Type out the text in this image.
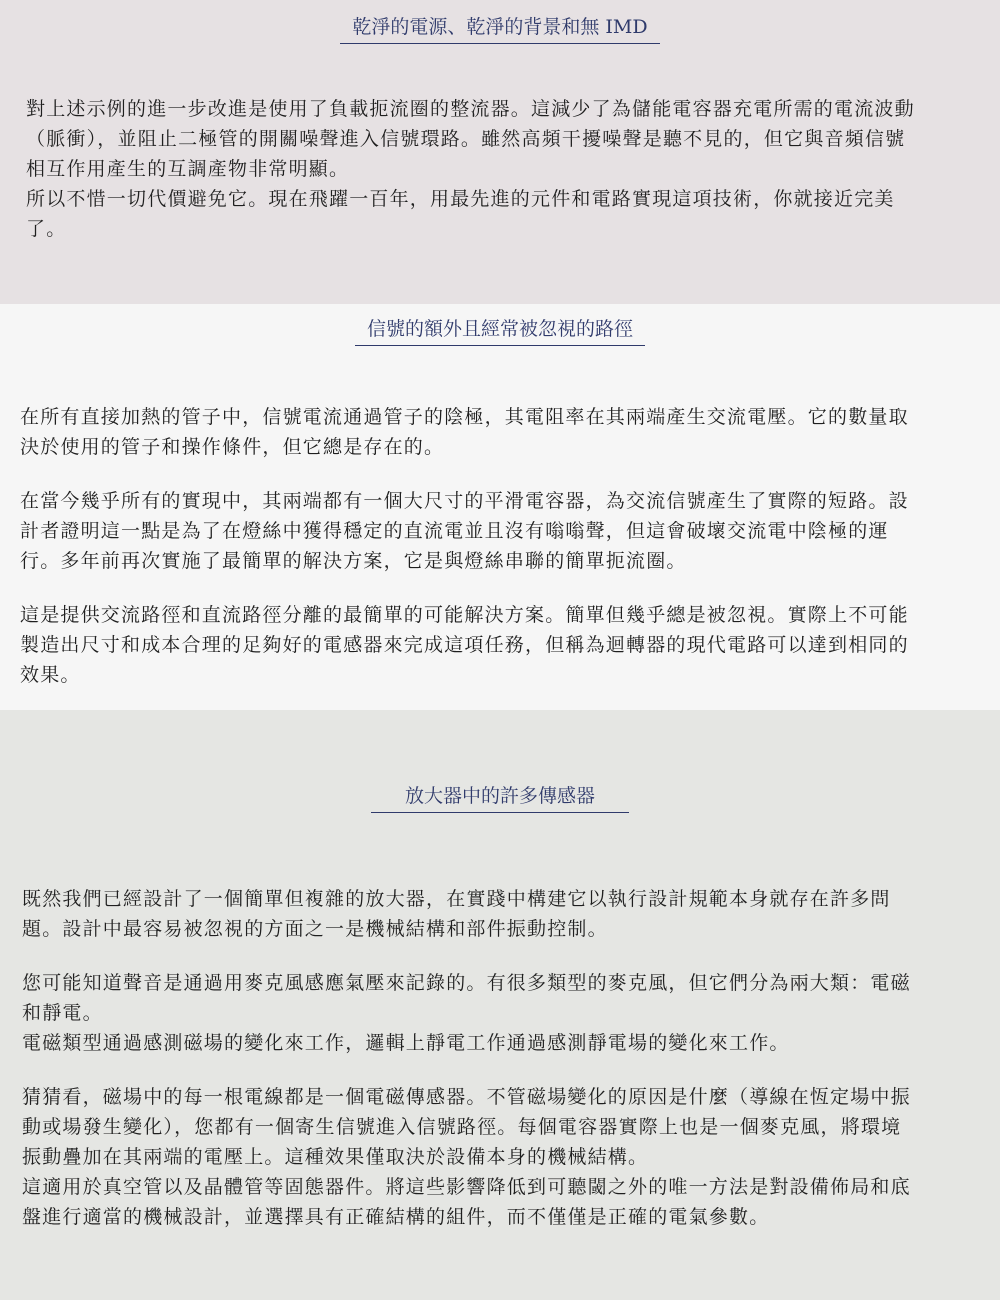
乾淨的電源、乾淨的背景和無 IMD

對上述示例的進一步改進是使用了負載扼流圈的整流器。這減少了為儲能電容器充電所需的電流波動
（脈衝），並阻止二極管的開關噪聲進入信號環路。雖然高頻干擾噪聲是聽不見的，但它與音頻信號
相互作用產生的互調產物非常明顯。
所以不惜一切代價避免它。現在飛躍一百年，用最先進的元件和電路實現這項技術，你就接近完美
了。

信號的額外且經常被忽視的路徑

在所有直接加熱的管子中，信號電流通過管子的陰極，其電阻率在其兩端產生交流電壓。它的數量取
決於使用的管子和操作條件，但它總是存在的。

在當今幾乎所有的實現中，其兩端都有一個大尺寸的平滑電容器，為交流信號產生了實際的短路。設
計者證明這一點是為了在燈絲中獲得穩定的直流電並且沒有嗡嗡聲，但這會破壞交流電中陰極的運
行。多年前再次實施了最簡單的解決方案，它是與燈絲串聯的簡單扼流圈。

這是提供交流路徑和直流路徑分離的最簡單的可能解決方案。簡單但幾乎總是被忽視。實際上不可能
製造出尺寸和成本合理的足夠好的電感器來完成這項任務，但稱為迴轉器的現代電路可以達到相同的
效果。

放大器中的許多傳感器

既然我們已經設計了一個簡單但複雜的放大器，在實踐中構建它以執行設計規範本身就存在許多問
題。設計中最容易被忽視的方面之一是機械結構和部件振動控制。

您可能知道聲音是通過用麥克風感應氣壓來記錄的。有很多類型的麥克風，但它們分為兩大類：電磁
和靜電。
電磁類型通過感測磁場的變化來工作，邏輯上靜電工作通過感測靜電場的變化來工作。

猜猜看，磁場中的每一根電線都是一個電磁傳感器。不管磁場變化的原因是什麼（導線在恆定場中振
動或場發生變化），您都有一個寄生信號進入信號路徑。每個電容器實際上也是一個麥克風，將環境
振動疊加在其兩端的電壓上。這種效果僅取決於設備本身的機械結構。
這適用於真空管以及晶體管等固態器件。將這些影響降低到可聽閾之外的唯一方法是對設備佈局和底
盤進行適當的機械設計，並選擇具有正確結構的組件，而不僅僅是正確的電氣參數。
